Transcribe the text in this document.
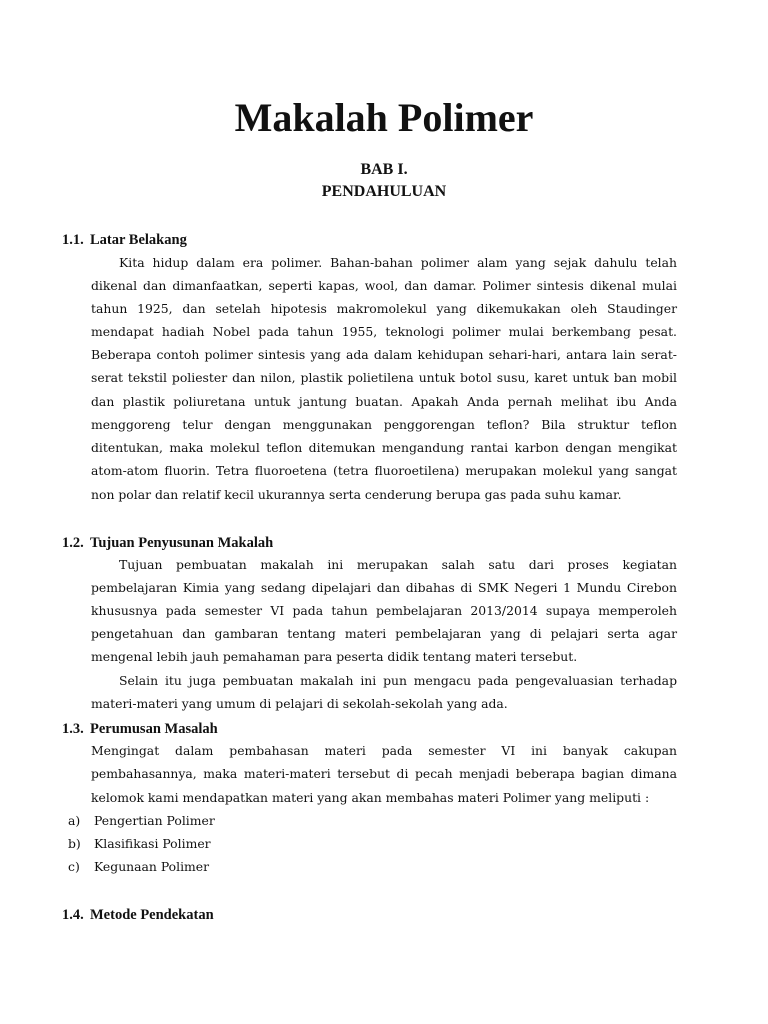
Makalah Polimer
BAB I.
PENDAHULUAN
1.1. Latar Belakang
Kita hidup dalam era polimer. Bahan-bahan polimer alam yang sejak dahulu telah
dikenal dan dimanfaatkan, seperti kapas, wool, dan damar. Polimer sintesis dikenal mulai
tahun 1925, dan setelah hipotesis makromolekul yang dikemukakan oleh Staudinger
mendapat hadiah Nobel pada tahun 1955, teknologi polimer mulai berkembang pesat.
Beberapa contoh polimer sintesis yang ada dalam kehidupan sehari-hari, antara lain serat-
serat tekstil poliester dan nilon, plastik polietilena untuk botol susu, karet untuk ban mobil
dan plastik poliuretana untuk jantung buatan. Apakah Anda pernah melihat ibu Anda
menggoreng telur dengan menggunakan penggorengan teflon? Bila struktur teflon
ditentukan, maka molekul teflon ditemukan mengandung rantai karbon dengan mengikat
atom-atom fluorin. Tetra fluoroetena (tetra fluoroetilena) merupakan molekul yang sangat
non polar dan relatif kecil ukurannya serta cenderung berupa gas pada suhu kamar.
1.2. Tujuan Penyusunan Makalah
Tujuan pembuatan makalah ini merupakan salah satu dari proses kegiatan
pembelajaran Kimia yang sedang dipelajari dan dibahas di SMK Negeri 1 Mundu Cirebon
khususnya pada semester VI pada tahun pembelajaran 2013/2014 supaya memperoleh
pengetahuan dan gambaran tentang materi pembelajaran yang di pelajari serta agar
mengenal lebih jauh pemahaman para peserta didik tentang materi tersebut.
Selain itu juga pembuatan makalah ini pun mengacu pada pengevaluasian terhadap
materi-materi yang umum di pelajari di sekolah-sekolah yang ada.
1.3. Perumusan Masalah
Mengingat dalam pembahasan materi pada semester VI ini banyak cakupan
pembahasannya, maka materi-materi tersebut di pecah menjadi beberapa bagian dimana
kelomok kami mendapatkan materi yang akan membahas materi Polimer yang meliputi :
a) Pengertian Polimer
b) Klasifikasi Polimer
c) Kegunaan Polimer
1.4. Metode Pendekatan
